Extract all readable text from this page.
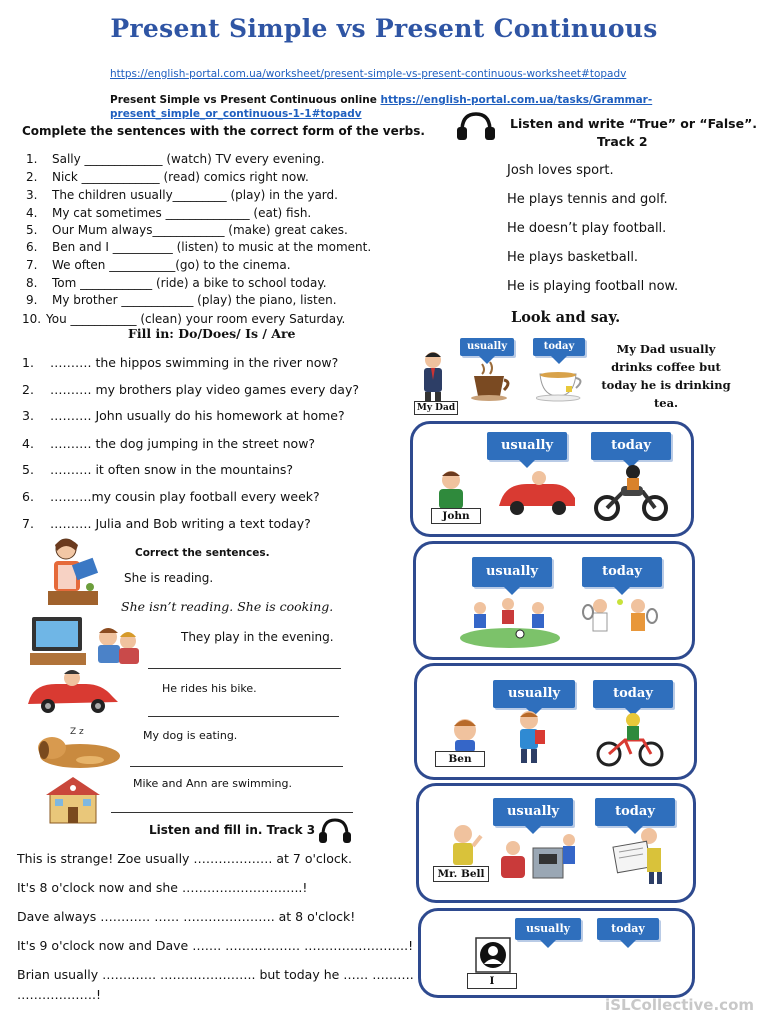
Present Simple vs Present Continuous
https://english-portal.com.ua/worksheet/present-simple-vs-present-continuous-worksheet#topadv
Present Simple vs Present Continuous online https://english-portal.com.ua/tasks/Grammar-
present_simple_or_continuous-1-1#topadv
Complete the sentences with the correct form of the verbs.
1. Sally _____________ (watch) TV every evening.
2. Nick _____________ (read) comics right now.
3. The children usually_________ (play) in the yard.
4. My cat sometimes ______________ (eat) fish.
5. Our Mum always____________ (make) great cakes.
6. Ben and I __________ (listen) to music at the moment.
7. We often ___________(go) to the cinema.
8. Tom ____________ (ride) a bike to school today.
9. My brother ____________ (play) the piano, listen.
10. You ___________ (clean) your room every Saturday.
Fill in: Do/Does/ Is / Are
1. ………. the hippos swimming in the river now?
2. ………. my brothers play video games every day?
3. ………. John usually do his homework at home?
4. ………. the dog jumping in the street now?
5. ………. it often snow in the mountains?
6. ……….my cousin play football every week?
7. ………. Julia and Bob writing a text today?
Correct the sentences.
She is reading.
She isn’t reading. She is cooking.
They play in the evening.
He rides his bike.
Z z	My dog is eating.
Mike and Ann are swimming.
Listen and fill in. Track 3
This is strange! Zoe usually ………………. at 7 o'clock.
It's 8 o'clock now and she ………………………..!
Dave always ………… …… …………………. at 8 o'clock!
It's 9 o'clock now and Dave ……. ……………… …………………….!
Brian usually …………. ………………….. but today he …… ……….
……………….!
Listen and write “True” or “False”.
Track 2
Josh loves sport.
He plays tennis and golf.
He doesn’t play football.
He plays basketball.
He is playing football now.
Look and say.
My Dad
usually	today	My Dad usually drinks coffee but today he is drinking tea.
usually	today
John
usually	today
usually	today
Ben
usually	today
Mr. Bell
usually	today
I
iSLCollective.com
